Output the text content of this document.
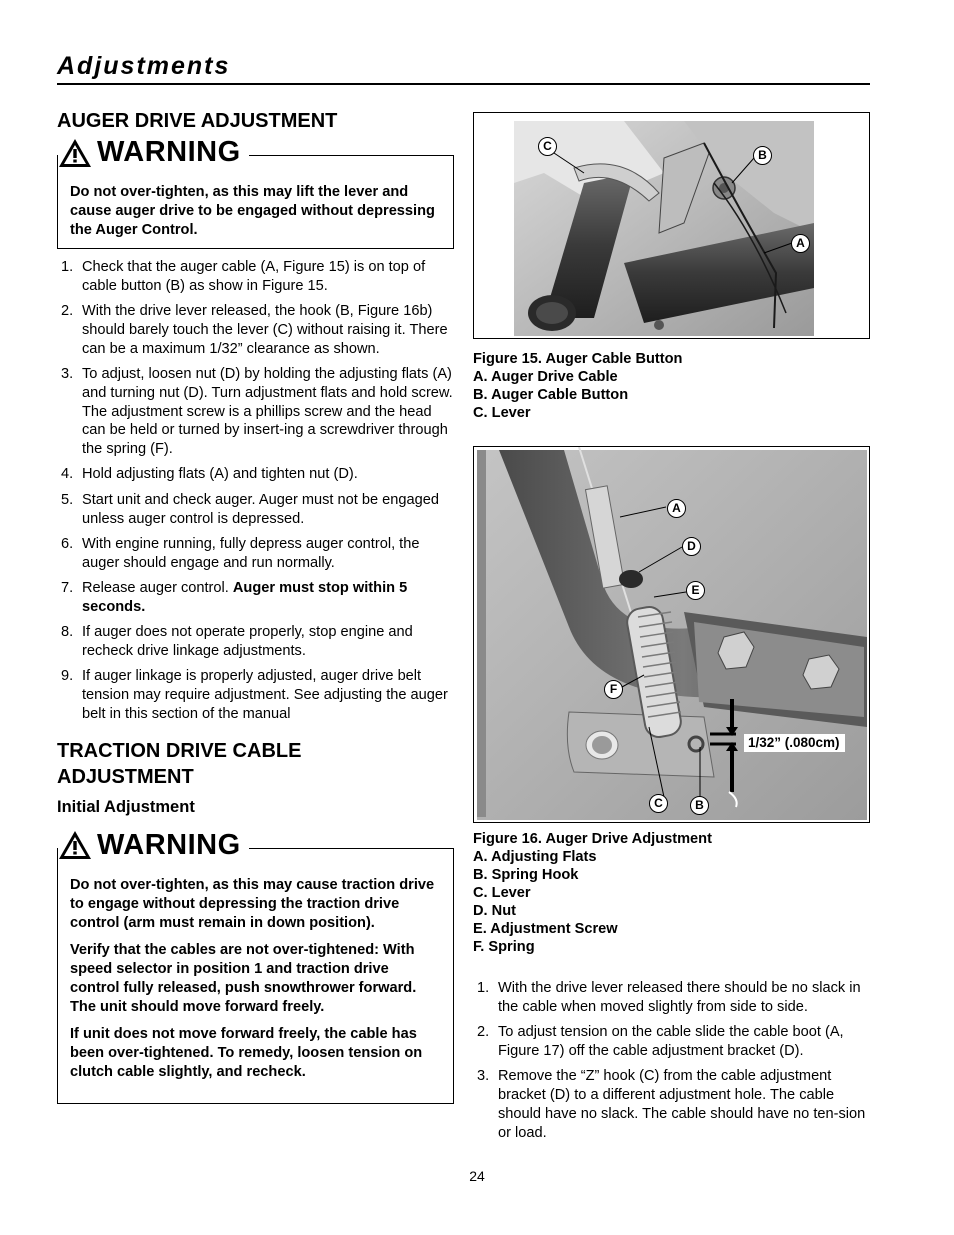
Adjustments
AUGER DRIVE ADJUSTMENT
WARNING

Do not over-tighten, as this may lift the lever and cause auger drive to be engaged without depressing the Auger Control.

1. Check that the auger cable (A, Figure 15) is on top of cable button (B) as show in Figure 15.
2. With the drive lever released, the hook (B, Figure 16b) should barely touch the lever (C) without raising it. There can be a maximum 1/32” clearance as shown.
3. To adjust, loosen nut (D) by holding the adjusting flats (A) and turning nut (D). Turn adjustment flats and hold screw. The adjustment screw is a phillips screw and the head can be held or turned by insert-ing a screwdriver through the spring (F).
4. Hold adjusting flats (A) and tighten nut (D).
5. Start unit and check auger. Auger must not be engaged unless auger control is depressed.
6. With engine running, fully depress auger control, the auger should engage and run normally.
7. Release auger control. Auger must stop within 5 seconds.
8. If auger does not operate properly, stop engine and recheck drive linkage adjustments.
9. If auger linkage is properly adjusted, auger drive belt tension may require adjustment. See adjusting the auger belt in this section of the manual
TRACTION DRIVE CABLE
ADJUSTMENT
Initial Adjustment
WARNING

Do not over-tighten, as this may cause traction drive to engage without depressing the traction drive control (arm must remain in down position).

Verify that the cables are not over-tightened: With speed selector in position 1 and traction drive control fully released, push snowthrower forward. The unit should move forward freely.

If unit does not move forward freely, the cable has been over-tightened. To remedy, loosen tension on clutch cable slightly, and recheck.

C
B
A

Figure 15. Auger Cable Button

A. Auger Drive Cable

B. Auger Cable Button

C. Lever

A
D
E
F
C	B
1/32” (.080cm)

Figure 16. Auger Drive Adjustment

A. Adjusting Flats

B. Spring Hook

C. Lever

D. Nut

E. Adjustment Screw

F. Spring

1. With the drive lever released there should be no slack in the cable when moved slightly from side to side.
2. To adjust tension on the cable slide the cable boot (A, Figure 17) off the cable adjustment bracket (D).
3. Remove the “Z” hook (C) from the cable adjustment bracket (D) to a different adjustment hole. The cable should have no slack. The cable should have no ten-sion or load.
24
